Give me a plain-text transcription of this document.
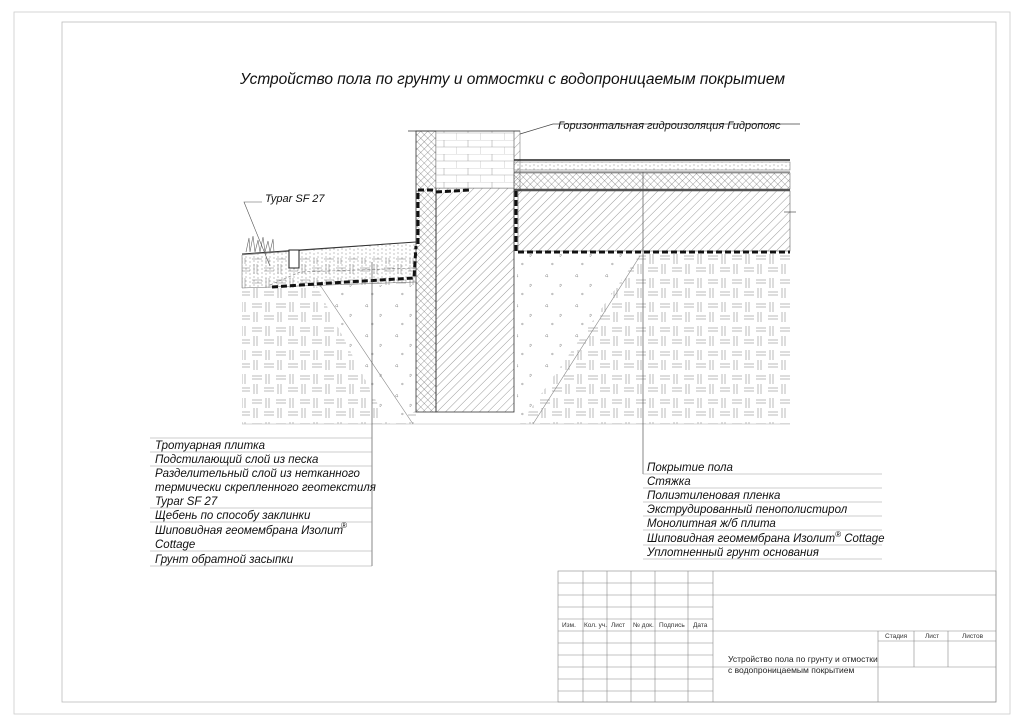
Устройство пола по грунту и отмостки с водопроницаемым покрытием
Горизонтальная гидроизоляция Гидропояс
Typar SF 27
Тротуарная плитка
Подстилающий слой из песка
Разделительный слой из нетканного
термически скрепленного геотекстиля
Typar SF 27
Щебень по способу заклинки
Шиповидная геомембрана Изолит
®
Cottage
Грунт обратной засыпки
Покрытие пола
Стяжка
Полиэтиленовая пленка
Экструдированный пенополистирол
Монолитная ж/б плита
Шиповидная геомембрана Изолит® Cottage
Уплотненный грунт основания
Изм. Кол. уч. Лист № док. Подпись Дата
Стадия	Лист	Листов
Устройство пола по грунту и отмостки
с водопроницаемым покрытием
